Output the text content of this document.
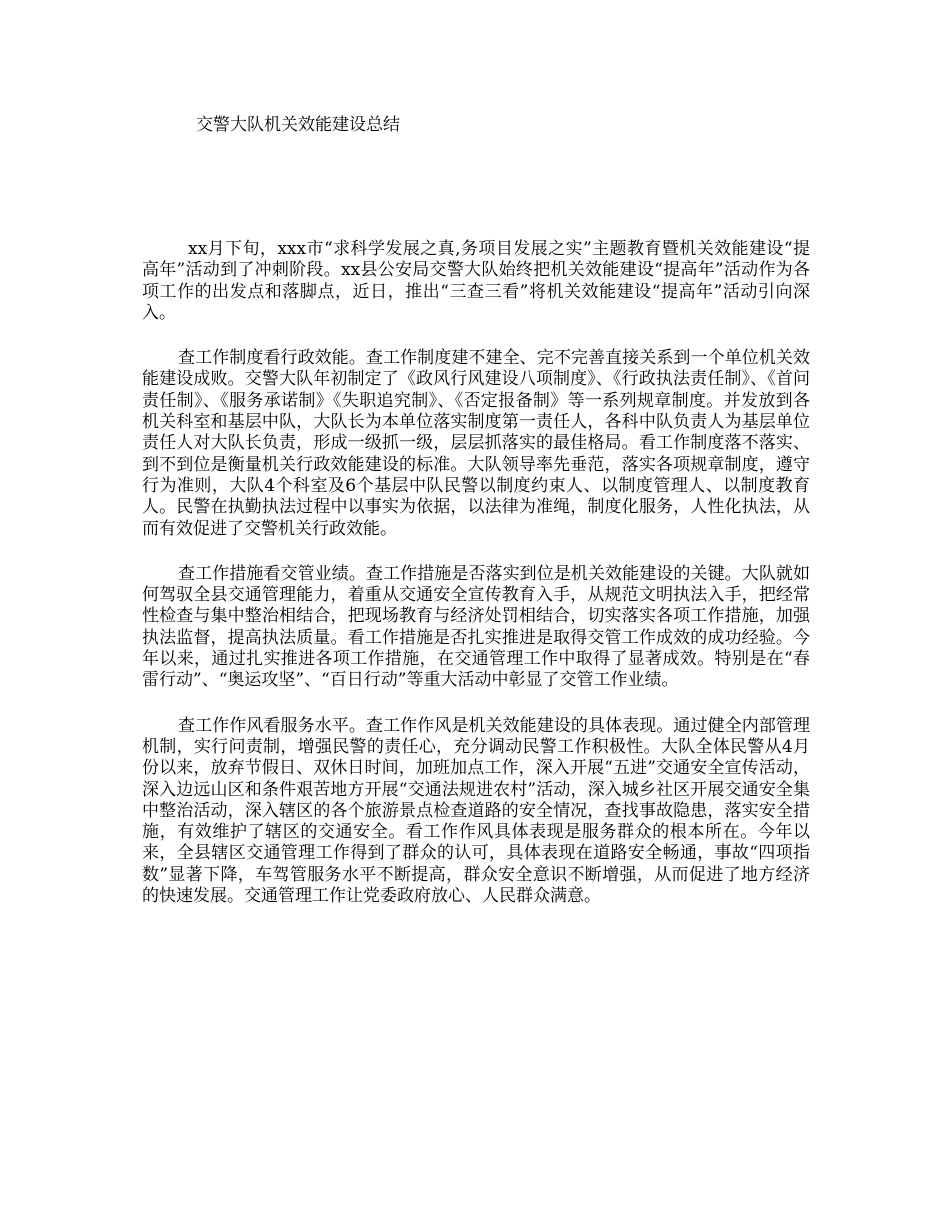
交警大队机关效能建设总结

xx月下旬，xxx市“求科学发展之真,务项目发展之实”主题教育暨机关效能建设“提高年”活动到了冲刺阶段。xx县公安局交警大队始终把机关效能建设“提高年”活动作为各项工作的出发点和落脚点，近日，推出“三查三看”将机关效能建设“提高年”活动引向深入。

查工作制度看行政效能。查工作制度建不建全、完不完善直接关系到一个单位机关效能建设成败。交警大队年初制定了《政风行风建设八项制度》、《行政执法责任制》、《首问责任制》、《服务承诺制》《失职追究制》、《否定报备制》等一系列规章制度。并发放到各机关科室和基层中队，大队长为本单位落实制度第一责任人，各科中队负责人为基层单位责任人对大队长负责，形成一级抓一级，层层抓落实的最佳格局。看工作制度落不落实、到不到位是衡量机关行政效能建设的标准。大队领导率先垂范，落实各项规章制度，遵守行为准则，大队4个科室及6个基层中队民警以制度约束人、以制度管理人、以制度教育人。民警在执勤执法过程中以事实为依据，以法律为准绳，制度化服务，人性化执法，从而有效促进了交警机关行政效能。

查工作措施看交管业绩。查工作措施是否落实到位是机关效能建设的关键。大队就如何驾驭全县交通管理能力，着重从交通安全宣传教育入手，从规范文明执法入手，把经常性检查与集中整治相结合，把现场教育与经济处罚相结合，切实落实各项工作措施，加强执法监督，提高执法质量。看工作措施是否扎实推进是取得交管工作成效的成功经验。今年以来，通过扎实推进各项工作措施，在交通管理工作中取得了显著成效。特别是在“春雷行动”、“奥运攻坚”、“百日行动”等重大活动中彰显了交管工作业绩。

查工作作风看服务水平。查工作作风是机关效能建设的具体表现。通过健全内部管理机制，实行问责制，增强民警的责任心，充分调动民警工作积极性。大队全体民警从4月份以来，放弃节假日、双休日时间，加班加点工作，深入开展“五进”交通安全宣传活动，深入边远山区和条件艰苦地方开展“交通法规进农村”活动，深入城乡社区开展交通安全集中整治活动，深入辖区的各个旅游景点检查道路的安全情况，查找事故隐患，落实安全措施，有效维护了辖区的交通安全。看工作作风具体表现是服务群众的根本所在。今年以来，全县辖区交通管理工作得到了群众的认可，具体表现在道路安全畅通，事故“四项指数”显著下降，车驾管服务水平不断提高，群众安全意识不断增强，从而促进了地方经济的快速发展。交通管理工作让党委政府放心、人民群众满意。
